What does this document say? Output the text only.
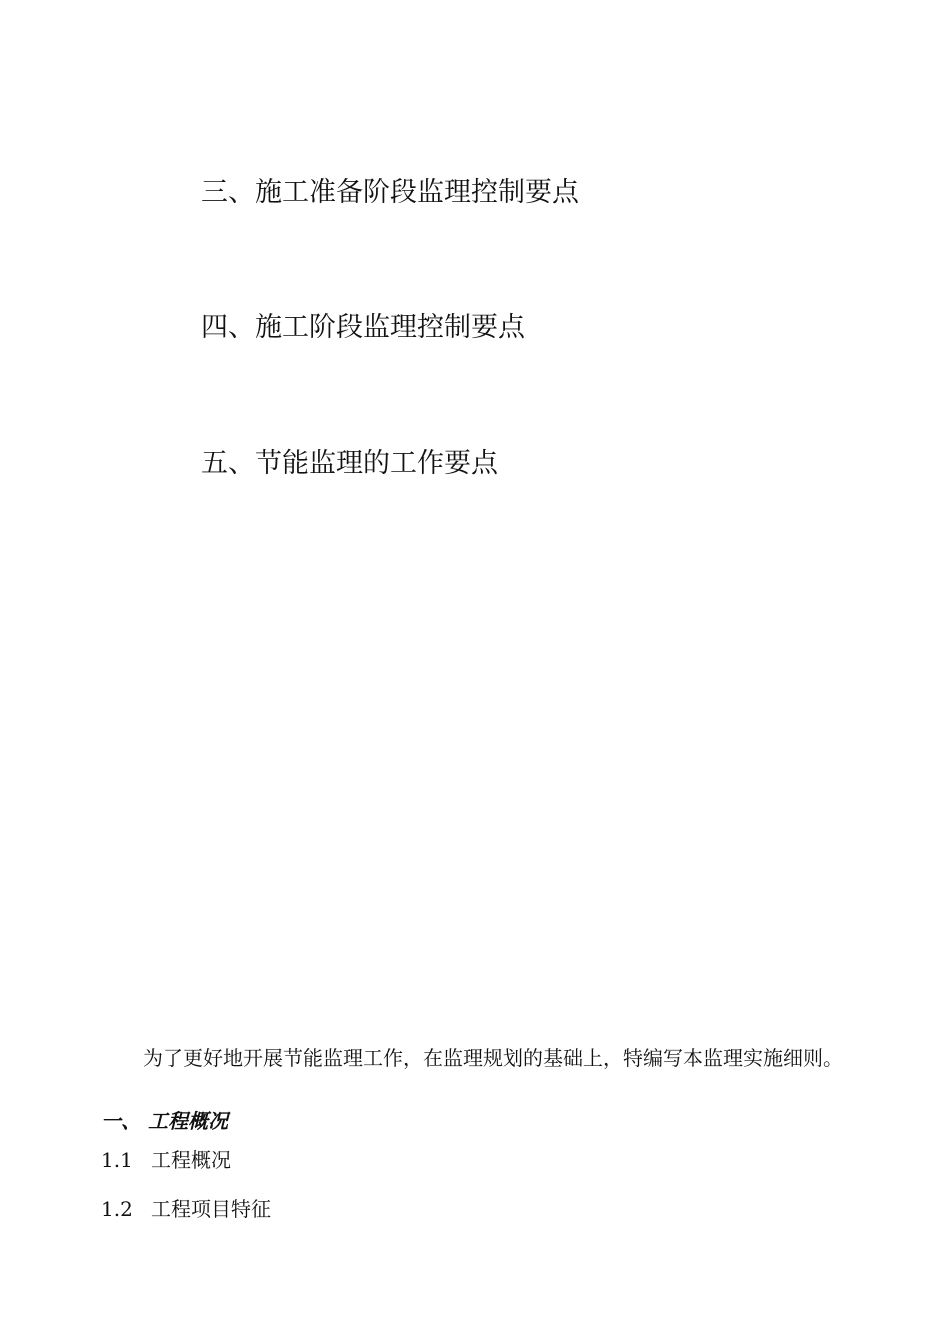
三、施工准备阶段监理控制要点
四、施工阶段监理控制要点
五、节能监理的工作要点

为了更好地开展节能监理工作，在监理规划的基础上，特编写本监理实施细则。

一、 工程概况
1.1 工程概况
1.2 工程项目特征
